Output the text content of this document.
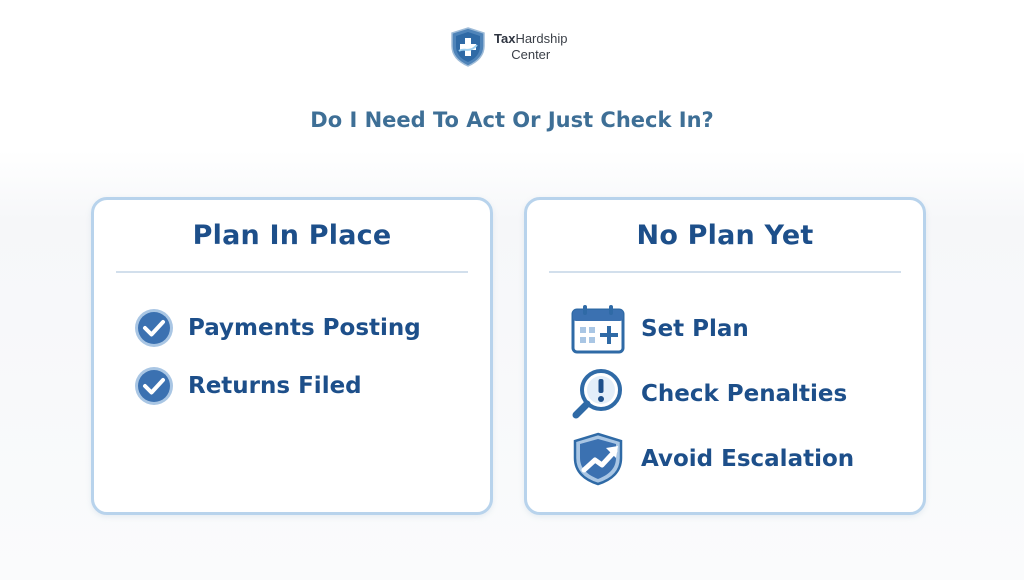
TaxHardship
Center
Do I Need To Act Or Just Check In?
Plan In Place
Payments Posting
Returns Filed
No Plan Yet
Set Plan
Check Penalties
Avoid Escalation
